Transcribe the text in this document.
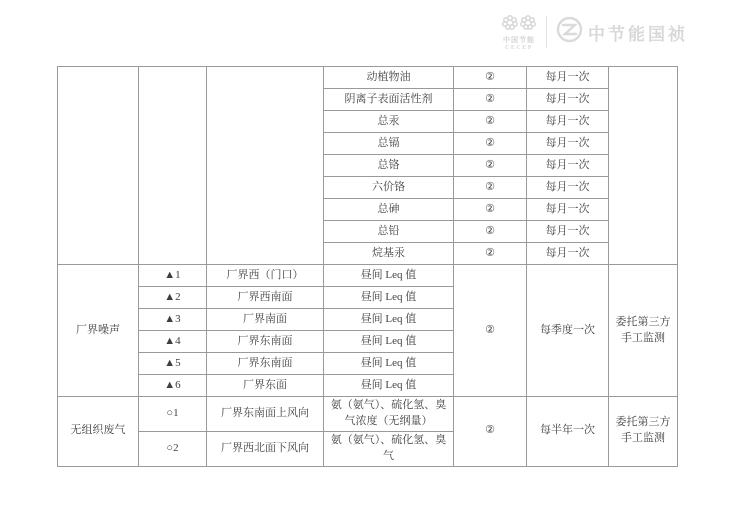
中国节能
CECEP
中节能国祯
			动植物油	②	每月一次	
			阴离子表面活性剂	②	每月一次	
			总汞	②	每月一次	
			总镉	②	每月一次	
			总铬	②	每月一次	
			六价铬	②	每月一次	
			总砷	②	每月一次	
			总铅	②	每月一次	
			烷基汞	②	每月一次	
厂界噪声	▲1	厂界西（门口）	昼间 Leq 值	②	每季度一次	委托第三方手工监测
	▲2	厂界西南面	昼间 Leq 值			
	▲3	厂界南面	昼间 Leq 值			
	▲4	厂界东南面	昼间 Leq 值			
	▲5	厂界东南面	昼间 Leq 值			
	▲6	厂界东面	昼间 Leq 值			
无组织废气	○1	厂界东南面上风向	氨（氨气）、硫化氢、臭气浓度（无纲量）	②	每半年一次	委托第三方手工监测
	○2	厂界西北面下风向	氨（氨气）、硫化氢、臭气			
